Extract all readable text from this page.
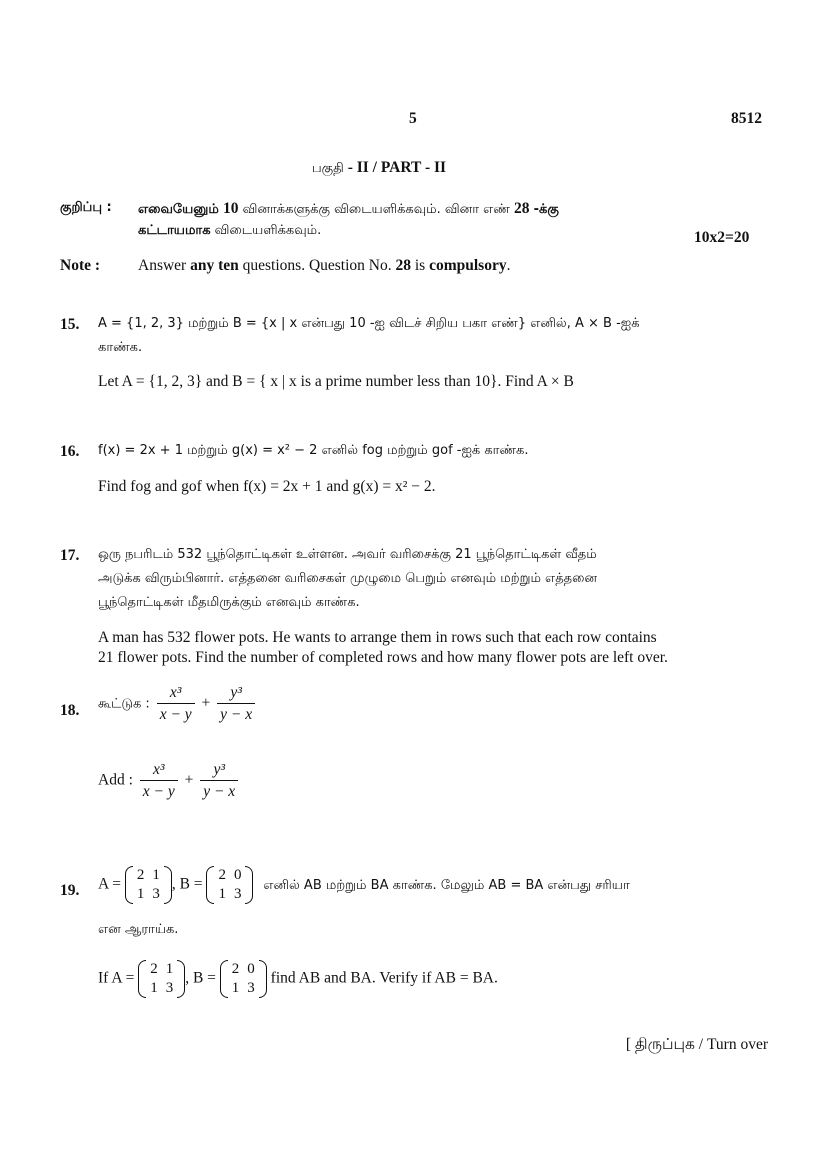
5	8512
பகுதி - II / PART - II
குறிப்பு : எவையேனும் 10 வினாக்களுக்கு விடையளிக்கவும். வினா எண் 28 -க்கு
கட்டாயமாக விடையளிக்கவும்.	10x2=20
Note : Answer any ten questions. Question No. 28 is compulsory.
15. A = {1, 2, 3} மற்றும் B = {x | x என்பது 10 -ஐ விடச் சிறிய பகா எண்} எனில், A × B -ஐக்
காண்க.
Let A = {1, 2, 3} and B = { x | x is a prime number less than 10}. Find A × B
16. f(x) = 2x + 1 மற்றும் g(x) = x² − 2 எனில் fog மற்றும் gof -ஐக் காண்க.
Find fog and gof when f(x) = 2x + 1 and g(x) = x² − 2.
17. ஒரு நபரிடம் 532 பூந்தொட்டிகள் உள்ளன. அவர் வரிசைக்கு 21 பூந்தொட்டிகள் வீதம்
அடுக்க விரும்பினார். எத்தனை வரிசைகள் முழுமை பெறும் எனவும் மற்றும் எத்தனை
பூந்தொட்டிகள் மீதமிருக்கும் எனவும் காண்க.
A man has 532 flower pots. He wants to arrange them in rows such that each row contains
21 flower pots. Find the number of completed rows and how many flower pots are left over.
18. கூட்டுக : $\frac{\text{x³}}{x - y} + \frac{\text{y³}}{y - x}$
Add : $\frac{\text{x³}}{x - y} + \frac{\text{y³}}{y - x}$
19. A =
2	1
1	3
, B =
2	0
1	3
எனில் AB மற்றும் BA காண்க. மேலும் AB = BA என்பது சரியா
என ஆராய்க.
If A =
2	1
1	3
, B =
2	0
1	3
find AB and BA. Verify if AB = BA.
[ திருப்புக / Turn over
